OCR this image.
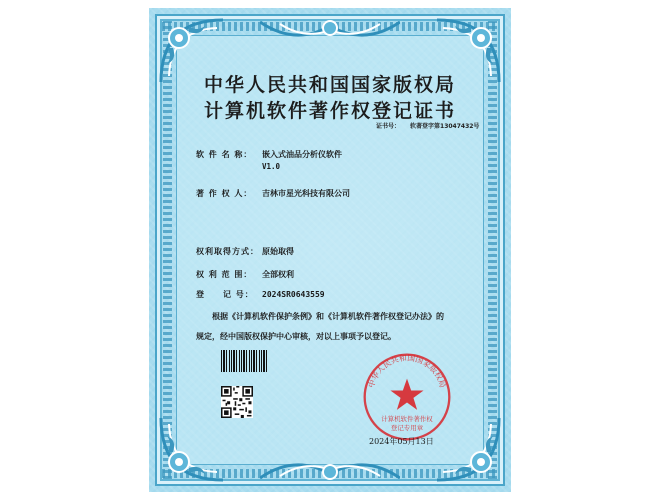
中华人民共和国国家版权局
计算机软件著作权登记证书
证书号： 软著登字第13047432号
软 件 名 称： 嵌入式油品分析仪软件
V1.0
著 作 权 人： 吉林市星光科技有限公司
权利取得方式： 原始取得
权 利 范 围： 全部权利
登　　记 号： 2024SR0643559
根据《计算机软件保护条例》和《计算机软件著作权登记办法》的
规定，经中国版权保护中心审核，对以上事项予以登记。
中华人民共和国国家版权局
计算机软件著作权
登记专用章
2024年05月13日
